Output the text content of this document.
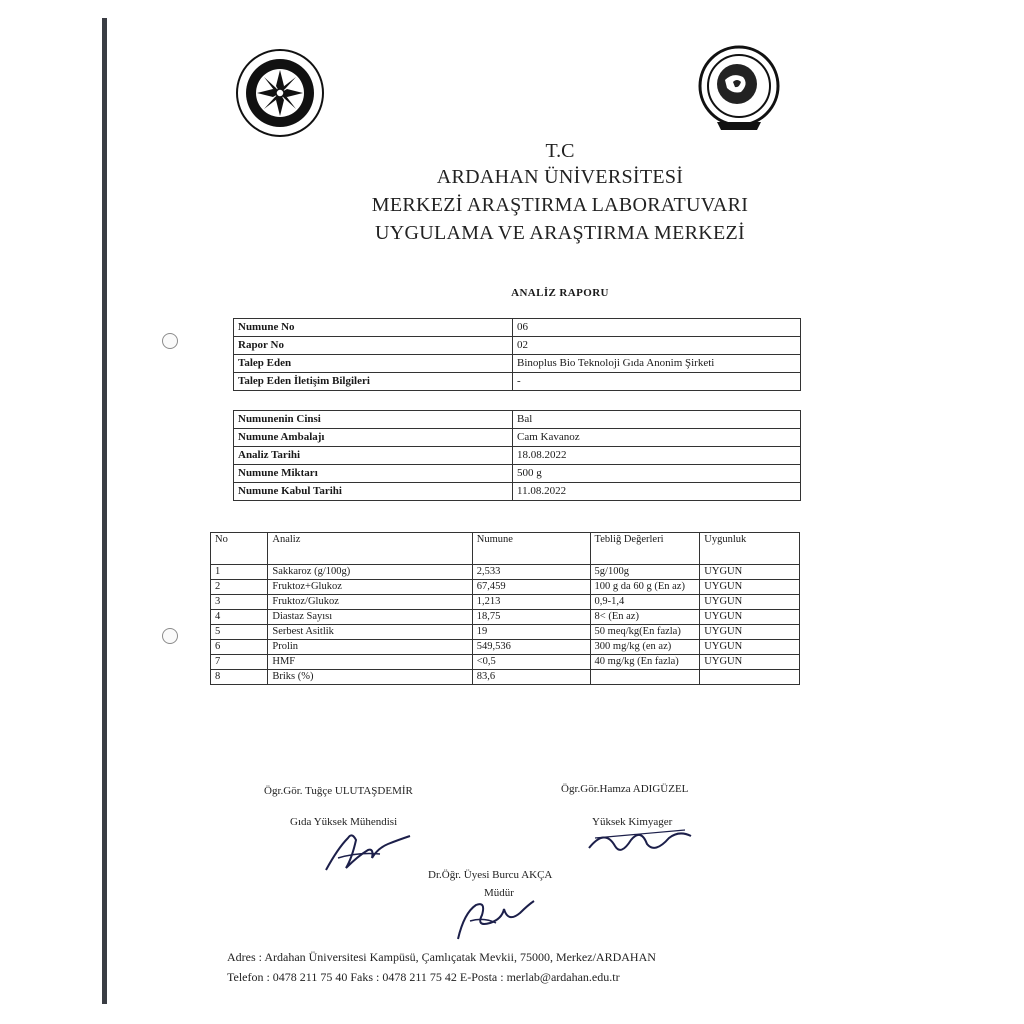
T.C
ARDAHAN ÜNİVERSİTESİ
MERKEZİ ARAŞTIRMA LABORATUVARI
UYGULAMA VE ARAŞTIRMA MERKEZİ
ANALİZ RAPORU
Numune No	06
Rapor No	02
Talep Eden	Binoplus Bio Teknoloji Gıda Anonim Şirketi
Talep Eden İletişim Bilgileri	-
Numunenin Cinsi	Bal
Numune Ambalajı	Cam Kavanoz
Analiz Tarihi	18.08.2022
Numune Miktarı	500 g
Numune Kabul Tarihi	11.08.2022
No	Analiz	Numune	Tebliğ Değerleri	Uygunluk
1	Sakkaroz (g/100g)	2,533	5g/100g	UYGUN
2	Fruktoz+Glukoz	67,459	100 g da 60 g (En az)	UYGUN
3	Fruktoz/Glukoz	1,213	0,9-1,4	UYGUN
4	Diastaz Sayısı	18,75	8< (En az)	UYGUN
5	Serbest Asitlik	19	50 meq/kg(En fazla)	UYGUN
6	Prolin	549,536	300 mg/kg (en az)	UYGUN
7	HMF	<0,5	40 mg/kg (En fazla)	UYGUN
8	Briks (%)	83,6		
Ögr.Gör. Tuğçe ULUTAŞDEMİR
Gıda Yüksek Mühendisi
Ögr.Gör.Hamza ADIGÜZEL
Yüksek Kimyager
Dr.Öğr. Üyesi Burcu AKÇA
Müdür
Adres : Ardahan Üniversitesi Kampüsü, Çamlıçatak Mevkii, 75000, Merkez/ARDAHAN
Telefon : 0478 211 75 40 Faks : 0478 211 75 42 E-Posta : merlab@ardahan.edu.tr
